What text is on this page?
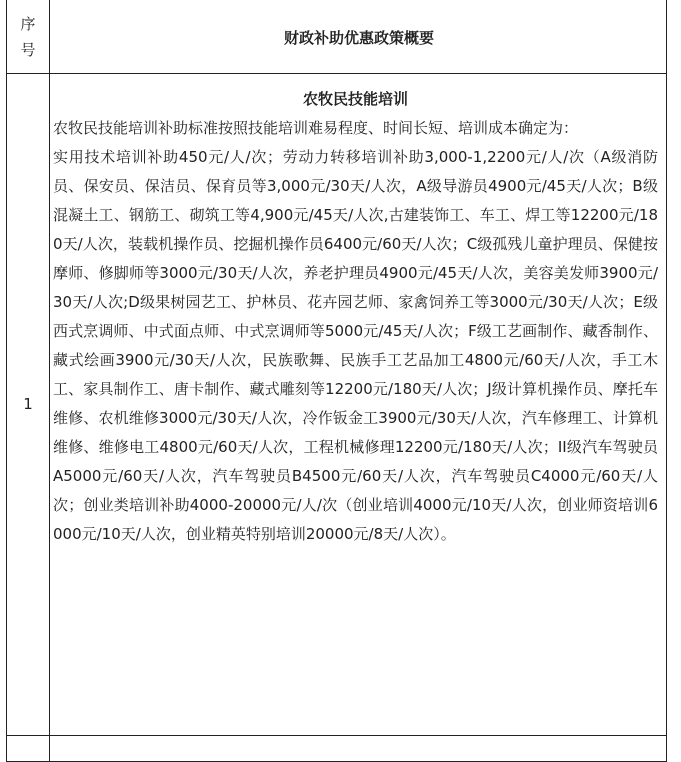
序
号
财政补助优惠政策概要
1

农牧民技能培训

农牧民技能培训补助标准按照技能培训难易程度、时间长短、培训成本确定为：

实用技术培训补助450元/人/次；劳动力转移培训补助3,000-1,2200元/人/次（A级消防员、保安员、保洁员、保育员等3,000元/30天/人次，A级导游员4900元/45天/人次；B级混凝土工、钢筋工、砌筑工等4,900元/45天/人次,古建装饰工、车工、焊工等12200元/180天/人次，装载机操作员、挖掘机操作员6400元/60天/人次；C级孤残儿童护理员、保健按摩师、修脚师等3000元/30天/人次，养老护理员4900元/45天/人次，美容美发师3900元/30天/人次;D级果树园艺工、护林员、花卉园艺师、家禽饲养工等3000元/30天/人次；E级西式烹调师、中式面点师、中式烹调师等5000元/45天/人次；F级工艺画制作、藏香制作、藏式绘画3900元/30天/人次，民族歌舞、民族手工艺品加工4800元/60天/人次，手工木工、家具制作工、唐卡制作、藏式雕刻等12200元/180天/人次；J级计算机操作员、摩托车维修、农机维修3000元/30天/人次，冷作钣金工3900元/30天/人次，汽车修理工、计算机维修、维修电工4800元/60天/人次，工程机械修理12200元/180天/人次；II级汽车驾驶员A5000元/60天/人次，汽车驾驶员B4500元/60天/人次，汽车驾驶员C4000元/60天/人次；创业类培训补助4000-20000元/人/次（创业培训4000元/10天/人次，创业师资培训6000元/10天/人次，创业精英特别培训20000元/8天/人次）。
